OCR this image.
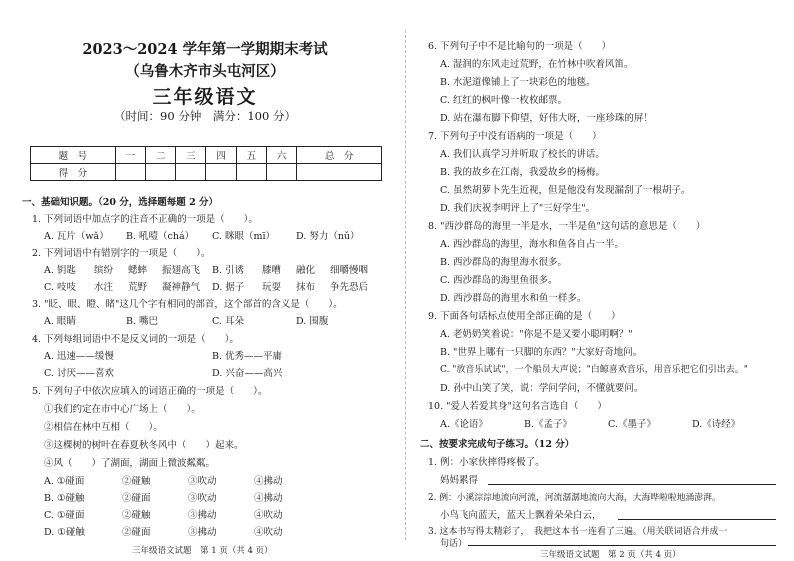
2023～2024 学年第一学期期末考试
（乌鲁木齐市头屯河区）
三年级语文
（时间：90 分钟　满分：100 分）
题　号	一	二	三	四	五	六	总　分
得　分							
一、基础知识题。（20 分，选择题每题 2 分）
1. 下列词语中加点字的注音不正确的一项是（　　）。
A. 瓦片（wǎ） B. 吼噎（chá） C. 眯眼（mī） D. 努力（nǔ）
2. 下列词语中有错别字的一项是（　　）。
A. 钥匙 缤纷 蟋蟀 振翅高飞 B. 引诱 膝嘈 融化 细嚼慢咽
C. 吱吱 水注 荒野 凝神静气 D. 据子 玩耍 抹布 争先恐后
3. "眨、眼、瞪、睹"这几个字有相同的部首，这个部首的含义是（　　）。
A. 眼睛	B. 嘴巴	C. 耳朵	D. 围腹
4. 下列每组词语中不是反义词的一项是（　　）。
A. 迅速——缓慢	B. 优秀——平庸
C. 讨厌——喜欢	D. 兴奋——高兴
5. 下列句子中依次应填入的词语正确的一项是（　　）。
①我们约定在市中心广场上（　　）。
②相信在林中互相（　　）。
③这棵树的树叶在春夏秋冬风中（　　）起来。
④风（　　）了湖面，湖面上微波粼粼。
A. ①碰面	②碰触	③吹动	④拂动
B. ①碰触	②碰面	③吹动	④拂动
C. ①碰面	②碰触	③拂动	④吹动
D. ①碰触	②碰面	③拂动	④吹动
三年级语文试题　第 1 页（共 4 页）
6. 下列句子中不是比喻句的一项是（　　）
A. 湿润的东风走过荒野，在竹林中吹着风笛。
B. 水泥道像铺上了一块彩色的地毯。
C. 红红的枫叶像一枚枚邮票。
D. 站在瀑布脚下仰望，好伟大呀，一座珍珠的屏！
7. 下列句子中没有语病的一项是（　　）
A. 我们认真学习并听取了校长的讲话。
B. 我的故乡在江南，我爱故乡的杨梅。
C. 虽然胡萝卜先生近视，但是他没有发现漏刮了一根胡子。
D. 我们庆祝李明评上了"三好学生"。
8. "西沙群岛的海里一半是水，一半是鱼"这句话的意思是（　　）
A. 西沙群岛的海里，海水和鱼各自占一半。
B. 西沙群岛的海里海水很多。
C. 西沙群岛的海里鱼很多。
D. 西沙群岛的海里水和鱼一样多。
9. 下面各句话标点使用全部正确的是（　　）
A. 老奶奶笑着说："你是不是又要小聪明啊？"
B. "世界上哪有一只脚的东西？"大家好奇地问。
C. "放音乐试试"，一个船员大声说；"白鲸喜欢音乐，用音乐把它们引出去。"
D. 孙中山笑了笑，说：学问学问，不懂就要问。
10. "爱人若爱其身"这句名言选自（　　）
A.《论语》	B.《孟子》	C.《墨子》	D.《诗经》
二、按要求完成句子练习。（12 分）
1. 例：小家伙摔得疼极了。
妈妈累得
2. 例：小溪淙淙地流向河流，河流潺潺地流向大海，大海哗啦啦地涌澎湃。
小鸟飞向蓝天，蓝天上飘着朵朵白云，
3. 这本书写得太精彩了，　我把这本书一连看了三遍。（用关联词语合并成一
句话）
三年级语文试题　第 2 页（共 4 页）
